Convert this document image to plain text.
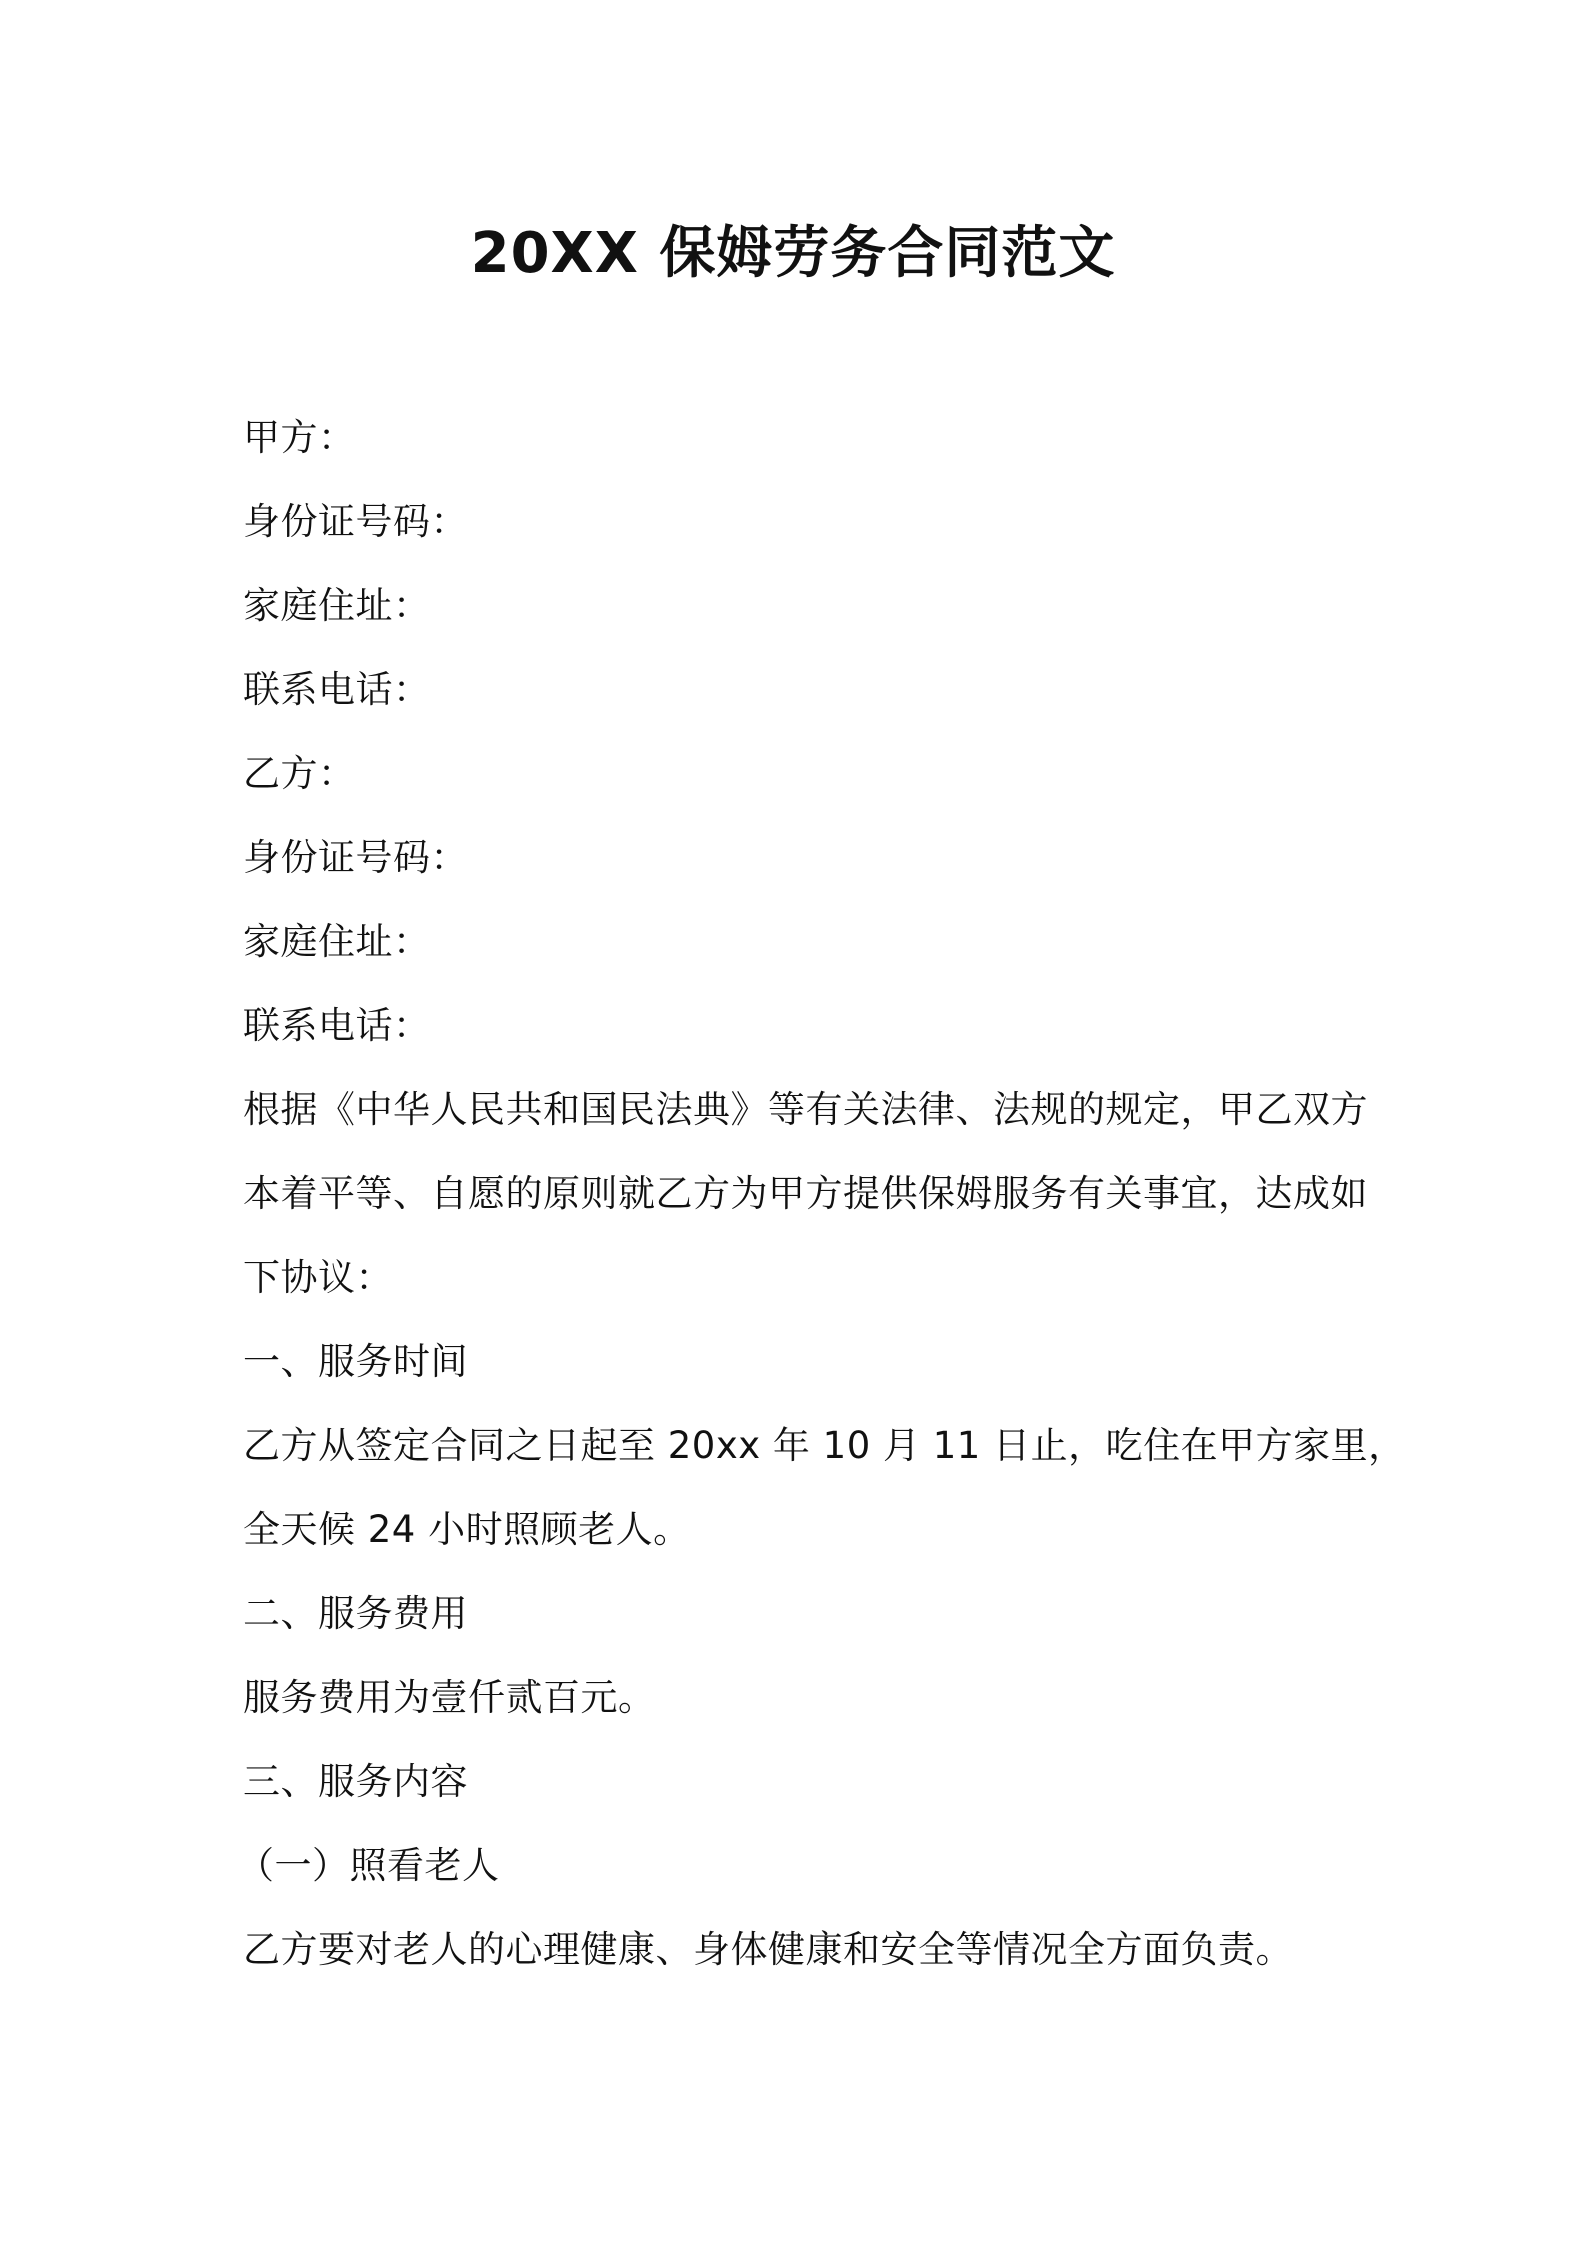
20XX 保姆劳务合同范文
甲方：
身份证号码：
家庭住址：
联系电话：
乙方：
身份证号码：
家庭住址：
联系电话：
根据《中华人民共和国民法典》等有关法律、法规的规定，甲乙双方
本着平等、自愿的原则就乙方为甲方提供保姆服务有关事宜，达成如
下协议：
一、服务时间
乙方从签定合同之日起至 20xx 年 10 月 11 日止，吃住在甲方家里，
全天候 24 小时照顾老人。
二、服务费用
服务费用为壹仟贰百元。
三、服务内容
（一）照看老人
乙方要对老人的心理健康、身体健康和安全等情况全方面负责。
